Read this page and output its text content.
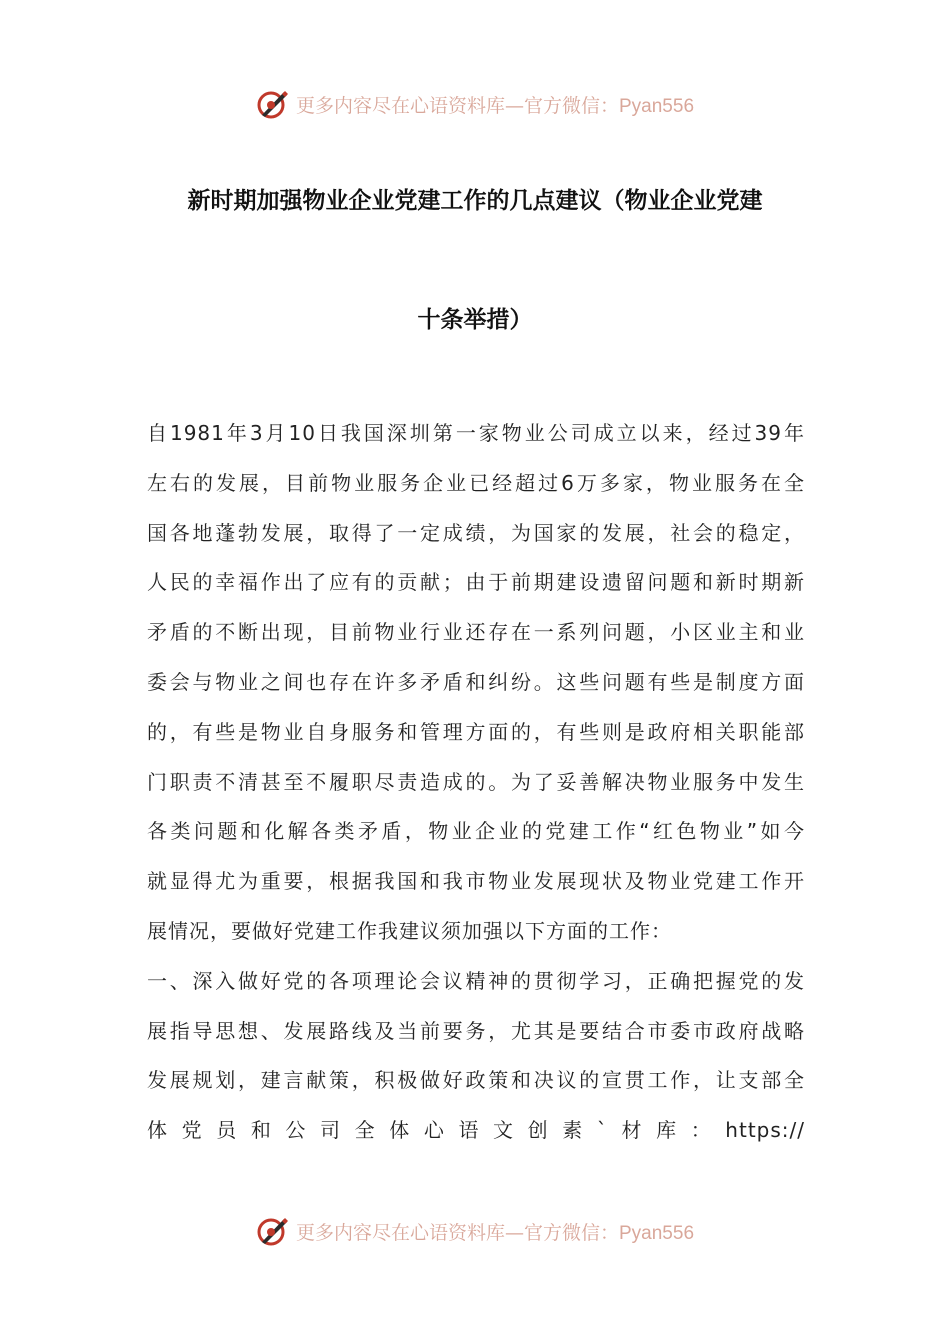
更多内容尽在心语资料库—官方微信：Pyan556
新时期加强物业企业党建工作的几点建议（物业企业党建
十条举措）
自1981年3月10日我国深圳第一家物业公司成立以来，经过39年
左右的发展，目前物业服务企业已经超过6万多家，物业服务在全
国各地蓬勃发展，取得了一定成绩，为国家的发展，社会的稳定，
人民的幸福作出了应有的贡献；由于前期建设遗留问题和新时期新
矛盾的不断出现，目前物业行业还存在一系列问题，小区业主和业
委会与物业之间也存在许多矛盾和纠纷。这些问题有些是制度方面
的，有些是物业自身服务和管理方面的，有些则是政府相关职能部
门职责不清甚至不履职尽责造成的。为了妥善解决物业服务中发生
各类问题和化解各类矛盾，物业企业的党建工作“红色物业”如今
就显得尤为重要，根据我国和我市物业发展现状及物业党建工作开
展情况，要做好党建工作我建议须加强以下方面的工作：
一、深入做好党的各项理论会议精神的贯彻学习，正确把握党的发
展指导思想、发展路线及当前要务，尤其是要结合市委市政府战略
发展规划，建言献策，积极做好政策和决议的宣贯工作，让支部全
体党员和公司全体心语文创素`材库：https://
更多内容尽在心语资料库—官方微信：Pyan556
